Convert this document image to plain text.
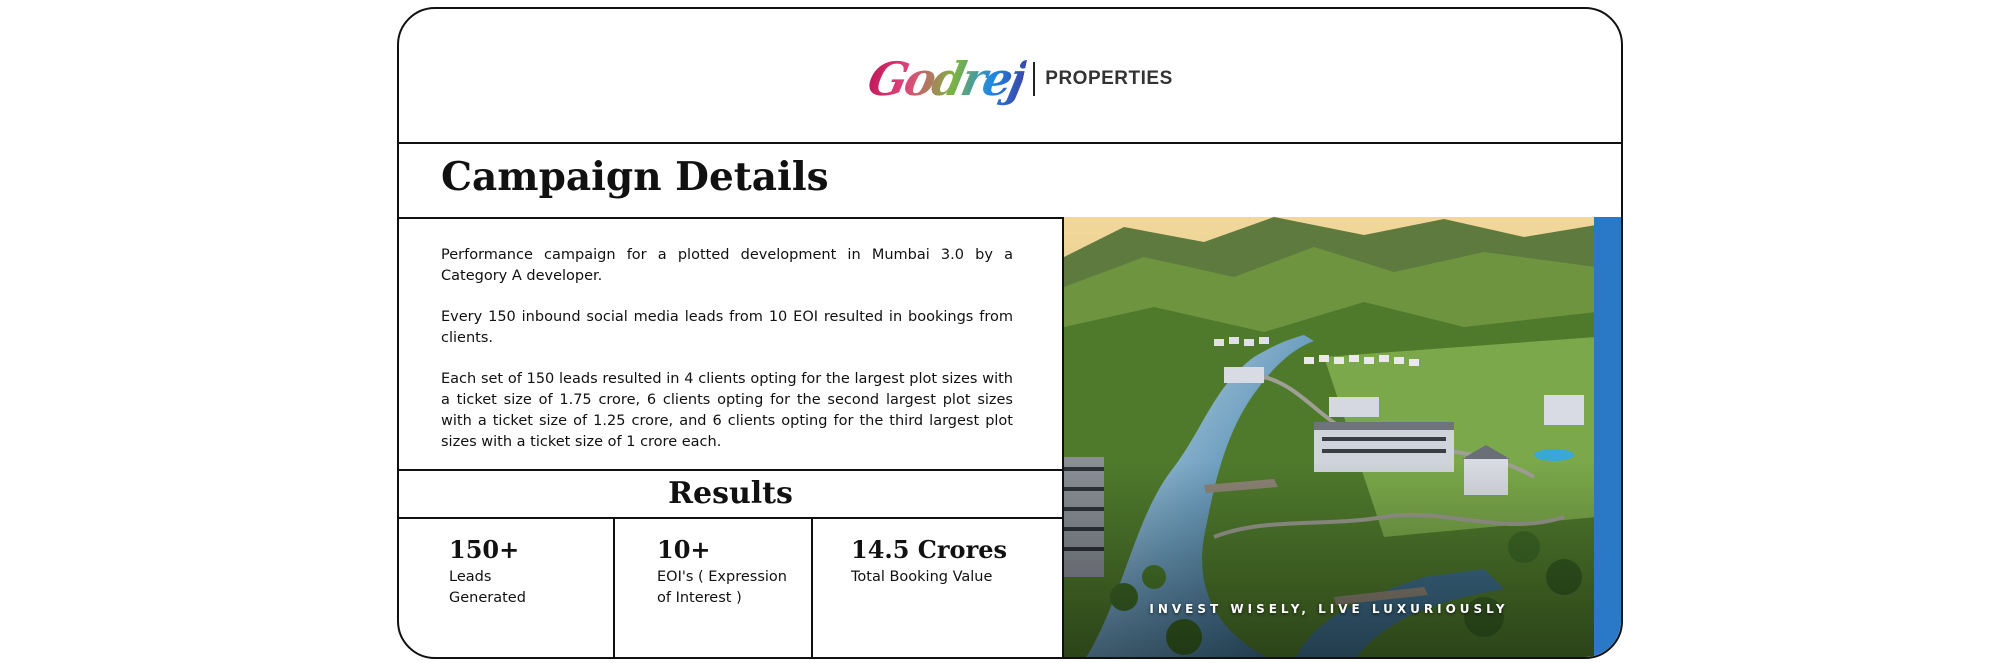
Godrej PROPERTIES
Campaign Details

Performance campaign for a plotted development in Mumbai 3.0 by a Category A developer.

Every 150 inbound social media leads from 10 EOI resulted in bookings from clients.

Each set of 150 leads resulted in 4 clients opting for the largest plot sizes with a ticket size of 1.75 crore, 6 clients opting for the second largest plot sizes with a ticket size of 1.25 crore, and 6 clients opting for the third largest plot sizes with a ticket size of 1 crore each.

Results
150+
Leads Generated
10+
EOI's ( Expression of Interest )
14.5 Crores
Total Booking Value
INVEST WISELY, LIVE LUXURIOUSLY
